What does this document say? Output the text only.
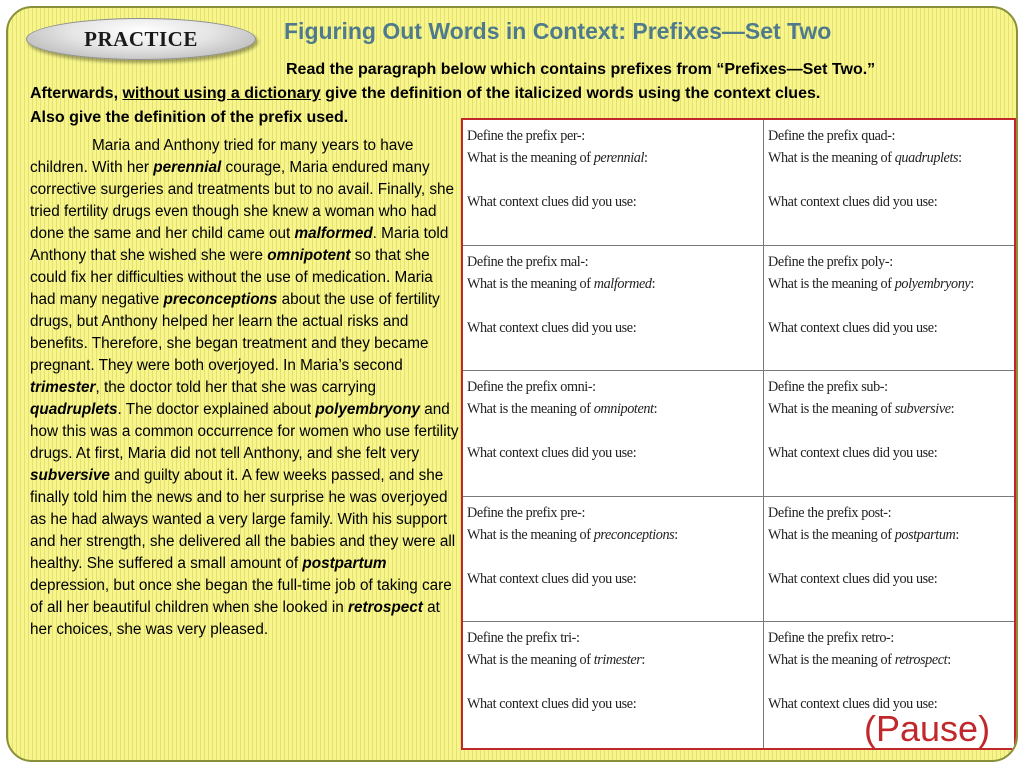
PRACTICE	Figuring Out Words in Context: Prefixes—Set Two
Read the paragraph below which contains prefixes from “Prefixes—Set Two.”
Afterwards, without using a dictionary give the definition of the italicized words using the context clues.
Also give the definition of the prefix used.
Maria and Anthony tried for many years to have children. With her perennial courage, Maria endured many corrective surgeries and treatments but to no avail. Finally, she tried fertility drugs even though she knew a woman who had done the same and her child came out malformed. Maria told Anthony that she wished she were omnipotent so that she could fix her difficulties without the use of medication. Maria had many negative preconceptions about the use of fertility drugs, but Anthony helped her learn the actual risks and benefits. Therefore, she began treatment and they became pregnant. They were both overjoyed. In Maria’s second trimester, the doctor told her that she was carrying quadruplets. The doctor explained about polyembryony and how this was a common occurrence for women who use fertility drugs. At first, Maria did not tell Anthony, and she felt very subversive and guilty about it. A few weeks passed, and she finally told him the news and to her surprise he was overjoyed as he had always wanted a very large family. With his support and her strength, she delivered all the babies and they were all healthy. She suffered a small amount of postpartum depression, but once she began the full-time job of taking care of all her beautiful children when she looked in retrospect at her choices, she was very pleased.
Define the prefix per-:
What is the meaning of perennial:
What context clues did you use:
Define the prefix quad-:
What is the meaning of quadruplets:
What context clues did you use:
Define the prefix mal-:
What is the meaning of malformed:
What context clues did you use:
Define the prefix poly-:
What is the meaning of polyembryony:
What context clues did you use:
Define the prefix omni-:
What is the meaning of omnipotent:
What context clues did you use:
Define the prefix sub-:
What is the meaning of subversive:
What context clues did you use:
Define the prefix pre-:
What is the meaning of preconceptions:
What context clues did you use:
Define the prefix post-:
What is the meaning of postpartum:
What context clues did you use:
Define the prefix tri-:
What is the meaning of trimester:
What context clues did you use:
Define the prefix retro-:
What is the meaning of retrospect:
What context clues did you use:
(Pause)
